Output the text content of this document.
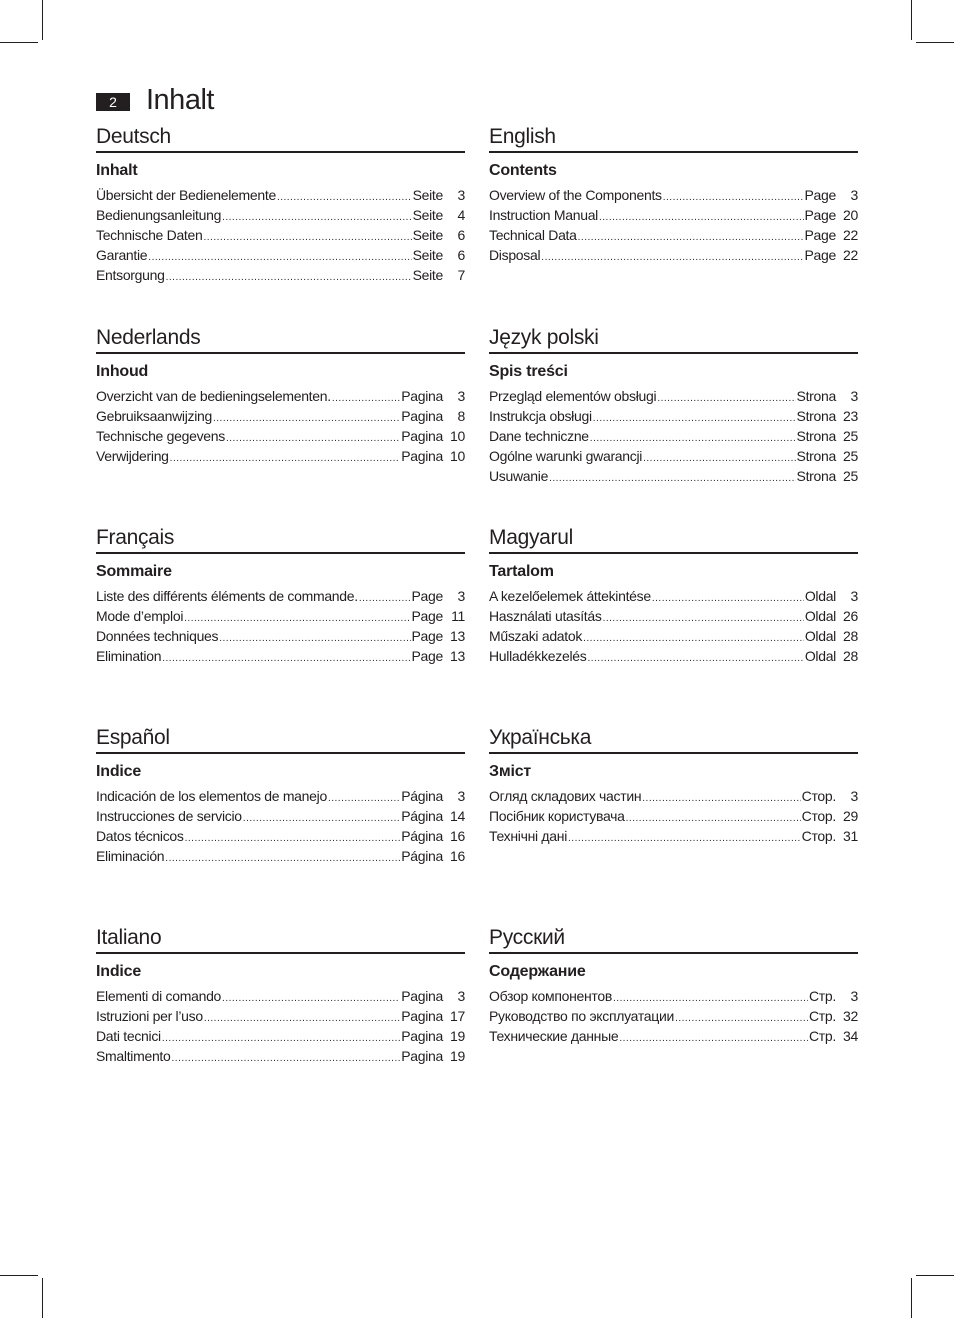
2	Inhalt
Deutsch
Inhalt
Übersicht der Bedienelemente .....	Seite	3
Bedienungsanleitung .....	Seite	4
Technische Daten .....	Seite	6
Garantie .....	Seite	6
Entsorgung .....	Seite	7
English
Contents
Overview of the Components .....	Page	3
Instruction Manual .....	Page 20
Technical Data .....	Page 22
Disposal .....	Page 22
Nederlands
Inhoud
Overzicht van de bedieningselementen. .....	Pagina	3
Gebruiksaanwijzing .....	Pagina	8
Technische gegevens .....	Pagina 10
Verwijdering .....	Pagina 10
Język polski
Spis treści
Przegląd elementów obsługi .....	Strona	3
Instrukcja obsługi .....	Strona 23
Dane techniczne .....	Strona 25
Ogólne warunki gwarancji .....	Strona 25
Usuwanie .....	Strona 25
Français
Sommaire
Liste des différents éléments de commande. .....	Page	3
Mode d’emploi .....	Page 11
Données techniques .....	Page 13
Elimination .....	Page 13
Magyarul
Tartalom
A kezelőelemek áttekintése .....	Oldal	3
Használati utasítás .....	Oldal 26
Műszaki adatok .....	Oldal 28
Hulladékkezelés .....	Oldal 28
Español
Indice
Indicación de los elementos de manejo .....	Página	3
Instrucciones de servicio .....	Página 14
Datos técnicos .....	Página 16
Eliminación .....	Página 16
Українська
Зміст
Огляд складових частин .....	Стор.	3
Посібник користувача .....	Стор. 29
Технічні дані .....	Стор. 31
Italiano
Indice
Elementi di comando .....	Pagina	3
Istruzioni per l’uso .....	Pagina 17
Dati tecnici .....	Pagina 19
Smaltimento .....	Pagina 19
Русский
Содержание
Обзор компонентов .....	Стр.	3
Руководство по эксплуатации .....	Стр. 32
Технические данные .....	Стр. 34
